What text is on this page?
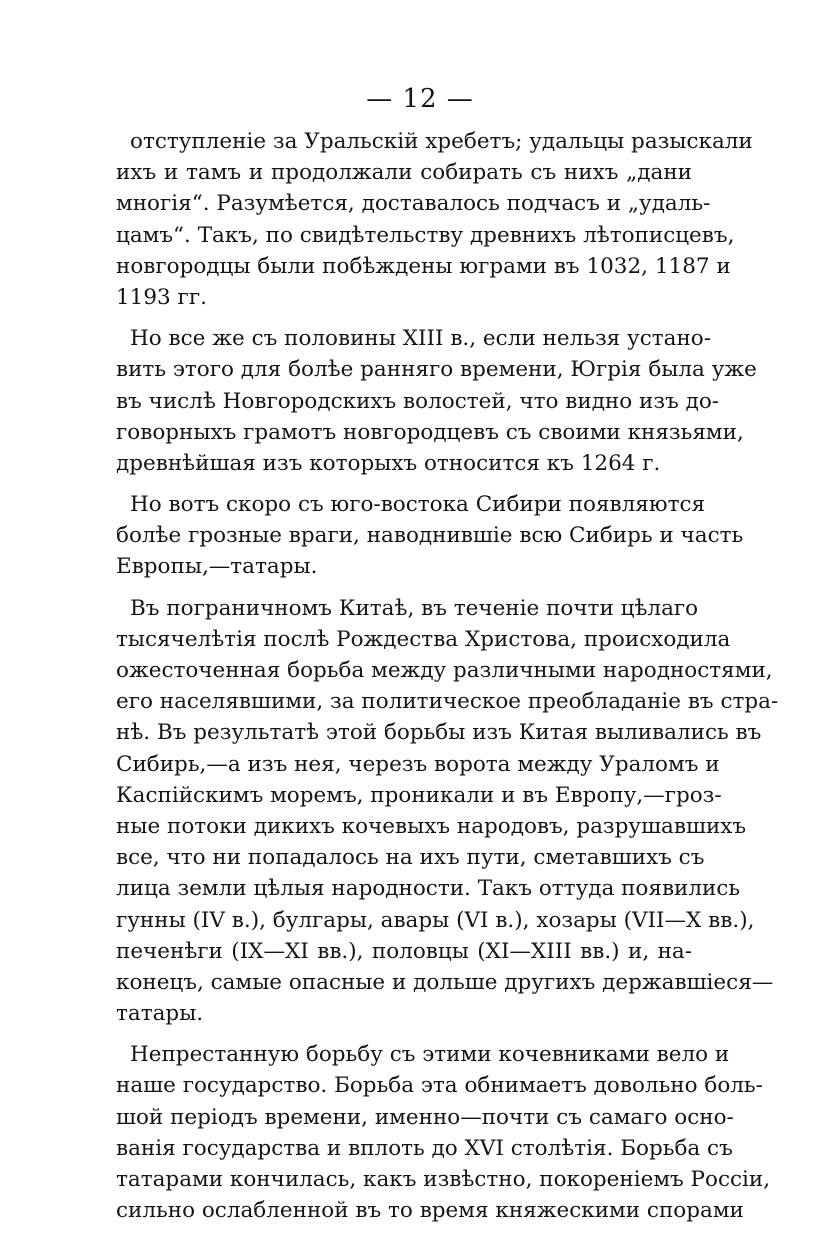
— 12 —
отступленіе за Уральскій хребетъ; удальцы разыскали
ихъ и тамъ и продолжали собирать съ нихъ „дани
многія“. Разумѣется, доставалось подчасъ и „удаль-
цамъ“. Такъ, по свидѣтельству древнихъ лѣтописцевъ,
новгородцы были побѣждены юграми въ 1032, 1187 и
1193 гг.
Но все же съ половины XIII в., если нельзя устано-
вить этого для болѣе ранняго времени, Югрія была уже
въ числѣ Новгородскихъ волостей, что видно изъ до-
говорныхъ грамотъ новгородцевъ съ своими князьями,
древнѣйшая изъ которыхъ относится къ 1264 г.
Но вотъ скоро съ юго-востока Сибири появляются
болѣе грозные враги, наводнившіе всю Сибирь и часть
Европы,—татары.
Въ пограничномъ Китаѣ, въ теченіе почти цѣлаго
тысячелѣтія послѣ Рождества Христова, происходила
ожесточенная борьба между различными народностями,
его населявшими, за политическое преобладаніе въ стра-
нѣ. Въ результатѣ этой борьбы изъ Китая выливались въ
Сибирь,—а изъ нея, черезъ ворота между Ураломъ и
Каспійскимъ моремъ, проникали и въ Европу,—гроз-
ные потоки дикихъ кочевыхъ народовъ, разрушавшихъ
все, что ни попадалось на ихъ пути, сметавшихъ съ
лица земли цѣлыя народности. Такъ оттуда появились
гунны (IV в.), булгары, авары (VI в.), хозары (VII—X вв.),
печенѣги (IX—XI вв.), половцы (XI—XIII вв.) и, на-
конецъ, самые опасные и дольше другихъ державшіеся—
татары.
Непрестанную борьбу съ этими кочевниками вело и
наше государство. Борьба эта обнимаетъ довольно боль-
шой періодъ времени, именно—почти съ самаго осно-
ванія государства и вплоть до XVI столѣтія. Борьба съ
татарами кончилась, какъ извѣстно, покореніемъ Россіи,
сильно ослабленной въ то время княжескими спорами
